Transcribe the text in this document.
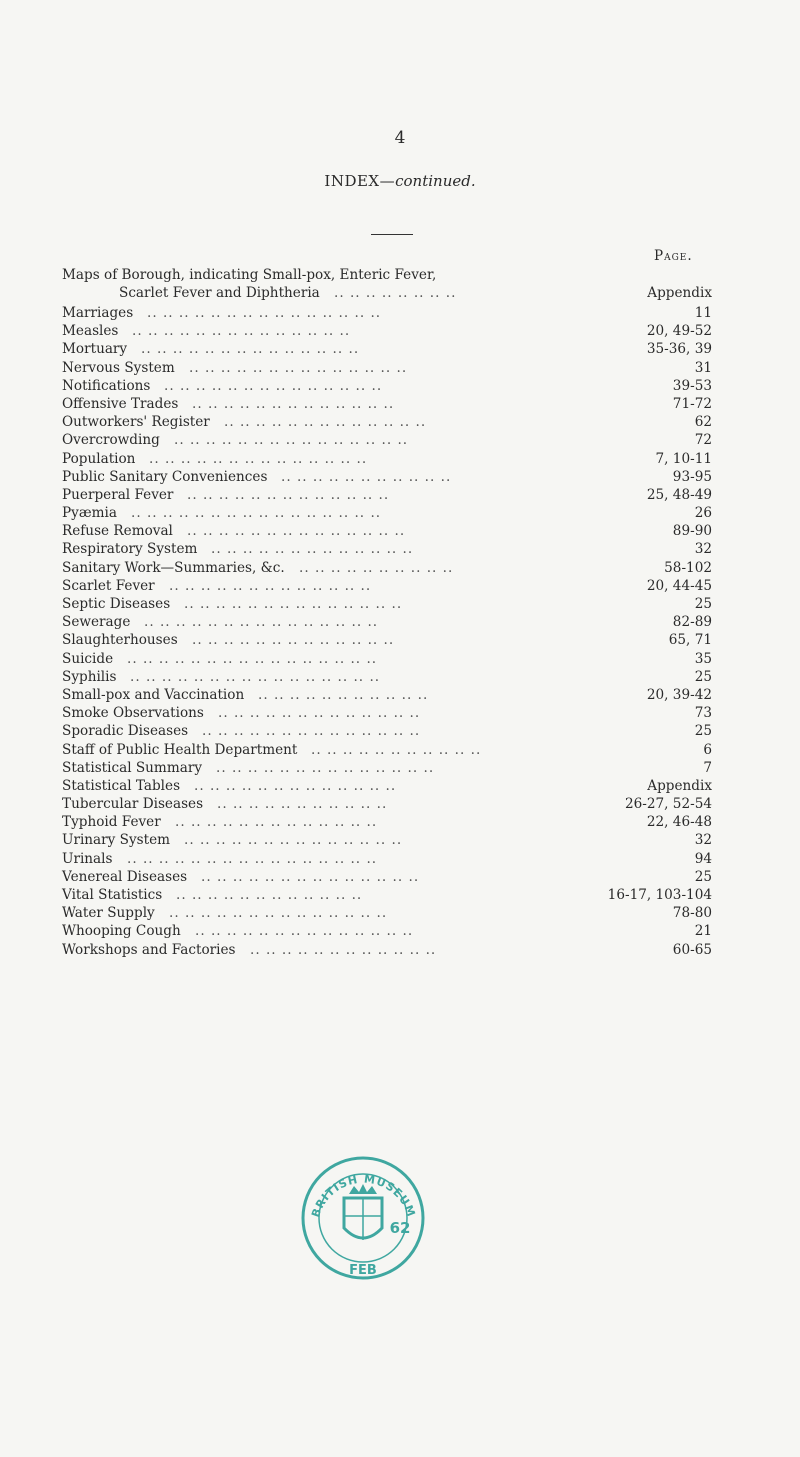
4
INDEX—continued.
Page.
Maps of Borough, indicating Small-pox, Enteric Fever,
.. .. .. .. .. .. .. ..
Scarlet Fever and Diphtheria	Appendix
.. .. .. .. .. .. .. .. .. .. .. .. .. .. ..
Marriages	11
.. .. .. .. .. .. .. .. .. .. .. .. .. ..
Measles	20, 49-52
.. .. .. .. .. .. .. .. .. .. .. .. .. ..
Mortuary	35-36, 39
.. .. .. .. .. .. .. .. .. .. .. .. .. ..
Nervous System	31
.. .. .. .. .. .. .. .. .. .. .. .. .. ..
Notifications	39-53
.. .. .. .. .. .. .. .. .. .. .. .. ..
Offensive Trades	71-72
.. .. .. .. .. .. .. .. .. .. .. .. ..
Outworkers' Register	62
.. .. .. .. .. .. .. .. .. .. .. .. .. .. ..
Overcrowding	72
.. .. .. .. .. .. .. .. .. .. .. .. .. ..
Population	7, 10-11
.. .. .. .. .. .. .. .. .. .. ..
Public Sanitary Conveniences	93-95
.. .. .. .. .. .. .. .. .. .. .. .. ..
Puerperal Fever	25, 48-49
.. .. .. .. .. .. .. .. .. .. .. .. .. .. .. ..
Pyæmia	26
.. .. .. .. .. .. .. .. .. .. .. .. .. ..
Refuse Removal	89-90
.. .. .. .. .. .. .. .. .. .. .. .. ..
Respiratory System	32
.. .. .. .. .. .. .. .. .. ..
Sanitary Work—Summaries, &c.	58-102
.. .. .. .. .. .. .. .. .. .. .. .. ..
Scarlet Fever	20, 44-45
.. .. .. .. .. .. .. .. .. .. .. .. .. ..
Septic Diseases	25
.. .. .. .. .. .. .. .. .. .. .. .. .. .. ..
Sewerage	82-89
.. .. .. .. .. .. .. .. .. .. .. .. ..
Slaughterhouses	65, 71
.. .. .. .. .. .. .. .. .. .. .. .. .. .. .. ..
Suicide	35
.. .. .. .. .. .. .. .. .. .. .. .. .. .. .. ..
Syphilis	25
.. .. .. .. .. .. .. .. .. .. ..
Small-pox and Vaccination	20, 39-42
.. .. .. .. .. .. .. .. .. .. .. .. ..
Smoke Observations	73
.. .. .. .. .. .. .. .. .. .. .. .. .. ..
Sporadic Diseases	25
.. .. .. .. .. .. .. .. .. .. ..
Staff of Public Health Department	6
.. .. .. .. .. .. .. .. .. .. .. .. .. ..
Statistical Summary	7
.. .. .. .. .. .. .. .. .. .. .. .. ..
Statistical Tables	Appendix
.. .. .. .. .. .. .. .. .. .. ..
Tubercular Diseases	26-27, 52-54
.. .. .. .. .. .. .. .. .. .. .. .. ..
Typhoid Fever	22, 46-48
.. .. .. .. .. .. .. .. .. .. .. .. .. ..
Urinary System	32
.. .. .. .. .. .. .. .. .. .. .. .. .. .. .. ..
Urinals	94
.. .. .. .. .. .. .. .. .. .. .. .. .. ..
Venereal Diseases	25
.. .. .. .. .. .. .. .. .. .. .. ..
Vital Statistics	16-17, 103-104
.. .. .. .. .. .. .. .. .. .. .. .. .. ..
Water Supply	78-80
.. .. .. .. .. .. .. .. .. .. .. .. .. ..
Whooping Cough	21
.. .. .. .. .. .. .. .. .. .. .. ..
Workshops and Factories	60-65
BRITISH MUSEUM
62
FEB
